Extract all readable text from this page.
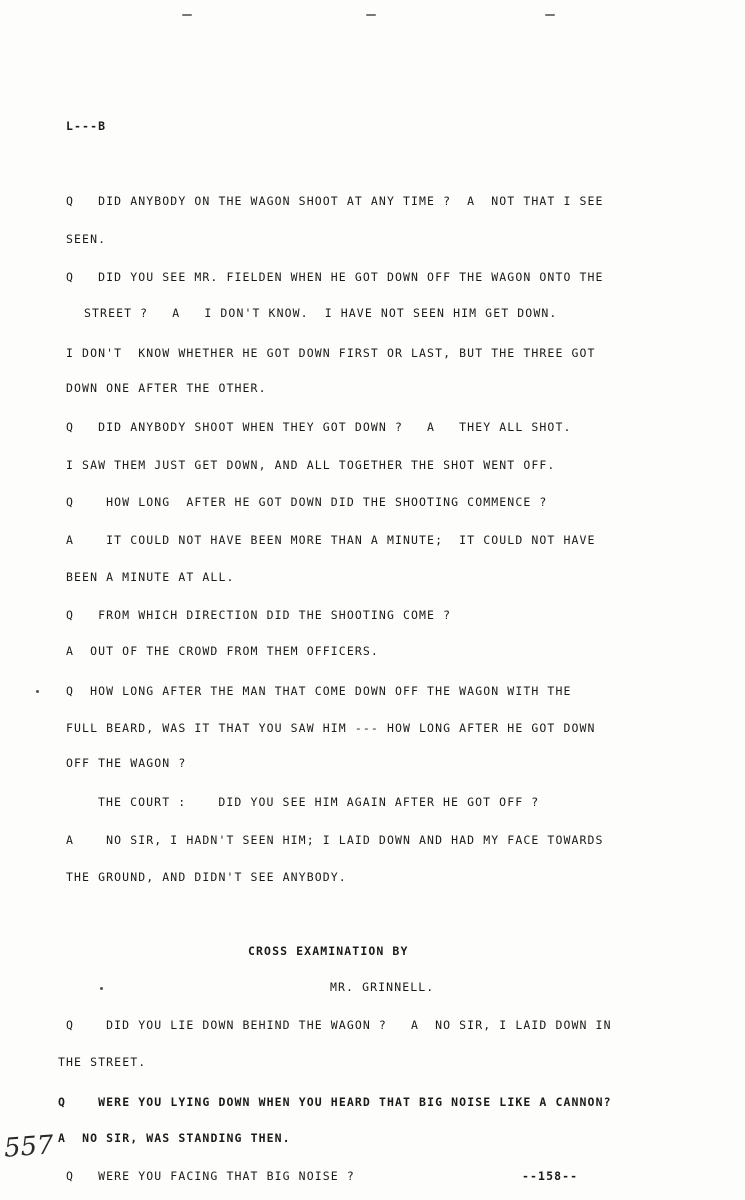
L---B
Q   DID ANYBODY ON THE WAGON SHOOT AT ANY TIME ?  A  NOT THAT I SEE
SEEN.
Q   DID YOU SEE MR. FIELDEN WHEN HE GOT DOWN OFF THE WAGON ONTO THE
STREET ?   A   I DON'T KNOW.  I HAVE NOT SEEN HIM GET DOWN.
I DON'T  KNOW WHETHER HE GOT DOWN FIRST OR LAST, BUT THE THREE GOT
DOWN ONE AFTER THE OTHER.
Q   DID ANYBODY SHOOT WHEN THEY GOT DOWN ?   A   THEY ALL SHOT.
I SAW THEM JUST GET DOWN, AND ALL TOGETHER THE SHOT WENT OFF.
Q    HOW LONG  AFTER HE GOT DOWN DID THE SHOOTING COMMENCE ?
A    IT COULD NOT HAVE BEEN MORE THAN A MINUTE;  IT COULD NOT HAVE
BEEN A MINUTE AT ALL.
Q   FROM WHICH DIRECTION DID THE SHOOTING COME ?
A  OUT OF THE CROWD FROM THEM OFFICERS.
Q  HOW LONG AFTER THE MAN THAT COME DOWN OFF THE WAGON WITH THE
FULL BEARD, WAS IT THAT YOU SAW HIM --- HOW LONG AFTER HE GOT DOWN
OFF THE WAGON ?
THE COURT :    DID YOU SEE HIM AGAIN AFTER HE GOT OFF ?
A    NO SIR, I HADN'T SEEN HIM; I LAID DOWN AND HAD MY FACE TOWARDS
THE GROUND, AND DIDN'T SEE ANYBODY.
CROSS EXAMINATION BY
MR. GRINNELL.
Q    DID YOU LIE DOWN BEHIND THE WAGON ?   A  NO SIR, I LAID DOWN IN
THE STREET.
Q    WERE YOU LYING DOWN WHEN YOU HEARD THAT BIG NOISE LIKE A CANNON?
A  NO SIR, WAS STANDING THEN.
Q   WERE YOU FACING THAT BIG NOISE ?	--158--
557
